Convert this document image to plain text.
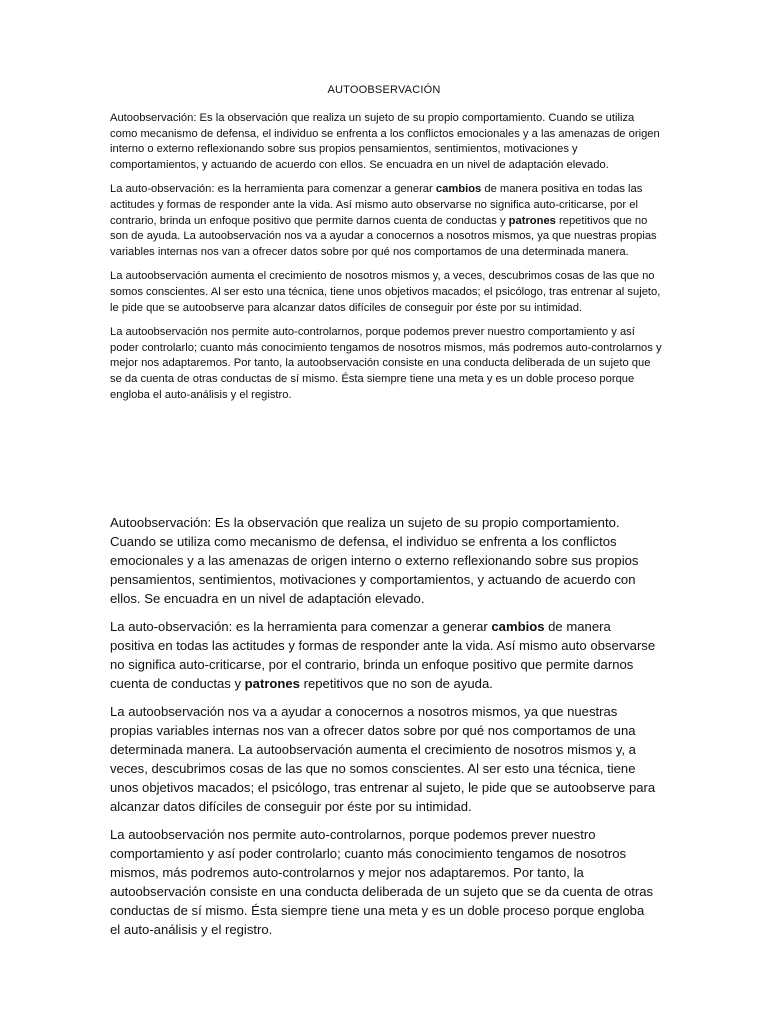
AUTOOBSERVACIÓN

Autoobservación: Es la observación que realiza un sujeto de su propio comportamiento. Cuando se utiliza como mecanismo de defensa, el individuo se enfrenta a los conflictos emocionales y a las amenazas de origen interno o externo reflexionando sobre sus propios pensamientos, sentimientos, motivaciones y comportamientos, y actuando de acuerdo con ellos. Se encuadra en un nivel de adaptación elevado.

La auto-observación: es la herramienta para comenzar a generar cambios de manera positiva en todas las actitudes y formas de responder ante la vida. Así mismo auto observarse no significa auto-criticarse, por el contrario, brinda un enfoque positivo que permite darnos cuenta de conductas y patrones repetitivos que no son de ayuda. La autoobservación nos va a ayudar a conocernos a nosotros mismos, ya que nuestras propias variables internas nos van a ofrecer datos sobre por qué nos comportamos de una determinada manera.

La autoobservación aumenta el crecimiento de nosotros mismos y, a veces, descubrimos cosas de las que no somos conscientes. Al ser esto una técnica, tiene unos objetivos macados; el psicólogo, tras entrenar al sujeto, le pide que se autoobserve para alcanzar datos difíciles de conseguir por éste por su intimidad.

La autoobservación nos permite auto-controlarnos, porque podemos prever nuestro comportamiento y así poder controlarlo; cuanto más conocimiento tengamos de nosotros mismos, más podremos auto-controlarnos y mejor nos adaptaremos. Por tanto, la autoobservación consiste en una conducta deliberada de un sujeto que se da cuenta de otras conductas de sí mismo. Ésta siempre tiene una meta y es un doble proceso porque engloba el auto-análisis y el registro.

Autoobservación: Es la observación que realiza un sujeto de su propio comportamiento. Cuando se utiliza como mecanismo de defensa, el individuo se enfrenta a los conflictos emocionales y a las amenazas de origen interno o externo reflexionando sobre sus propios pensamientos, sentimientos, motivaciones y comportamientos, y actuando de acuerdo con ellos. Se encuadra en un nivel de adaptación elevado.

La auto-observación: es la herramienta para comenzar a generar cambios de manera positiva en todas las actitudes y formas de responder ante la vida. Así mismo auto observarse no significa auto-criticarse, por el contrario, brinda un enfoque positivo que permite darnos cuenta de conductas y patrones repetitivos que no son de ayuda.

La autoobservación nos va a ayudar a conocernos a nosotros mismos, ya que nuestras propias variables internas nos van a ofrecer datos sobre por qué nos comportamos de una determinada manera. La autoobservación aumenta el crecimiento de nosotros mismos y, a veces, descubrimos cosas de las que no somos conscientes. Al ser esto una técnica, tiene unos objetivos macados; el psicólogo, tras entrenar al sujeto, le pide que se autoobserve para alcanzar datos difíciles de conseguir por éste por su intimidad.

La autoobservación nos permite auto-controlarnos, porque podemos prever nuestro comportamiento y así poder controlarlo; cuanto más conocimiento tengamos de nosotros mismos, más podremos auto-controlarnos y mejor nos adaptaremos. Por tanto, la autoobservación consiste en una conducta deliberada de un sujeto que se da cuenta de otras conductas de sí mismo. Ésta siempre tiene una meta y es un doble proceso porque engloba el auto-análisis y el registro.
